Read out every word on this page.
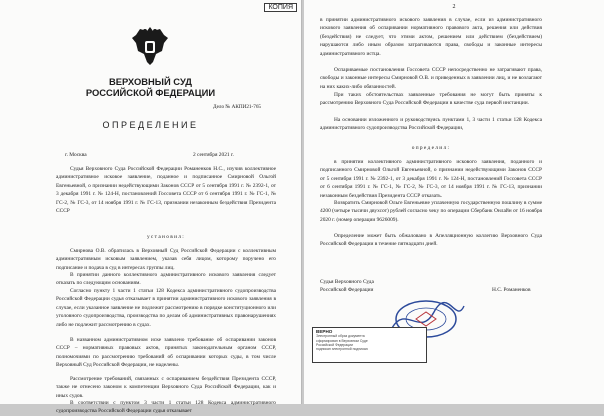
КОПИЯ
ВЕРХОВНЫЙ СУД
РОССИЙСКОЙ ФЕДЕРАЦИИ
Дело № АКПИ21-765
ОПРЕДЕЛЕНИЕ
г. Москва	2 сентября 2021 г.
Судья Верховного Суда Российской Федерации Романенков Н.С., изучив коллективное административное исковое заявление, поданное и подписанное Смирновой Ольгой Евгеньевной, о признании недействующими Законов СССР от 5 сентября 1991 г. № 2392-1, от 3 декабря 1991 г. № 124-Н, постановлений Госсовета СССР от 6 сентября 1991 г. № ГС-1, № ГС-2, № ГС-3, от 14 ноября 1991 г. № ГС-13, признании незаконным бездействия Президента СССР
установил:
Смирнова О.В. обратилась в Верховный Суд Российской Федерации с коллективным административным исковым заявлением, указав себя лицом, которому поручено его подписание и подача в суд в интересах группы лиц.
В принятии данного коллективного административного искового заявления следует отказать по следующим основаниям.
Согласно пункту 1 части 1 статьи 128 Кодекса административного судопроизводства Российской Федерации судья отказывает в принятии административного искового заявления в случае, если указанное заявление не подлежит рассмотрению в порядке конституционного или уголовного судопроизводства, производства по делам об административных правонарушениях либо не подлежит рассмотрению в судах.
В названном административном иске заявлено требование об оспаривании законов СССР – нормативных правовых актов, принятых законодательным органом СССР, полномочиями по рассмотрению требований об оспаривании которых суды, в том числе Верховный Суд Российской Федерации, не наделены.
Рассмотрение требований, связанных с оспариванием бездействия Президента СССР, также не отнесено законом к компетенции Верховного Суда Российской Федерации, как и иных судов.
В соответствии с пунктом 3 части 1 статьи 128 Кодекса административного судопроизводства Российской Федерации судья отказывает
2
в принятии административного искового заявления в случае, если из административного искового заявления об оспаривании нормативного правового акта, решения или действия (бездействия) не следует, что этими актом, решением или действием (бездействием) нарушаются либо иным образом затрагиваются права, свободы и законные интересы административного истца.
Оспариваемые постановления Госсовета СССР непосредственно не затрагивают права, свободы и законные интересы Смирновой О.В. и приведенных в заявлении лиц, и не возлагают на них каких-либо обязанностей.
При таких обстоятельствах заявленные требования не могут быть приняты к рассмотрению Верховного Суда Российской Федерации в качестве суда первой инстанции.
На основании изложенного и руководствуясь пунктами 1, 3 части 1 статьи 128 Кодекса административного судопроизводства Российской Федерации,
определил:
в принятии коллективного административного искового заявления, поданного и подписанного Смирновой Ольгой Евгеньевной, о признании недействующими Законов СССР от 5 сентября 1991 г. № 2392-1, от 3 декабря 1991 г. № 124-Н, постановлений Госсовета СССР от 6 сентября 1991 г. № ГС-1, № ГС-2, № ГС-3, от 14 ноября 1991 г. № ГС-13, признании незаконным бездействия Президента СССР отказать.
Возвратить Смирновой Ольге Евгеньевне уплаченную государственную пошлину в сумме 4200 (четыре тысячи двухсот) рублей согласно чеку по операции Сбербанк Онлайн от 16 ноября 2020 г. (номер операции 9626009).
Определение может быть обжаловано в Апелляционную коллегию Верховного Суда Российской Федерации в течение пятнадцати дней.
Судья Верховного Суда
Российской Федерации	Н.С. Романенков
ВЕРНО
Электронный образ документа
сформирован в Верховном Суде
Российской Федерации
подписан электронной подписью
